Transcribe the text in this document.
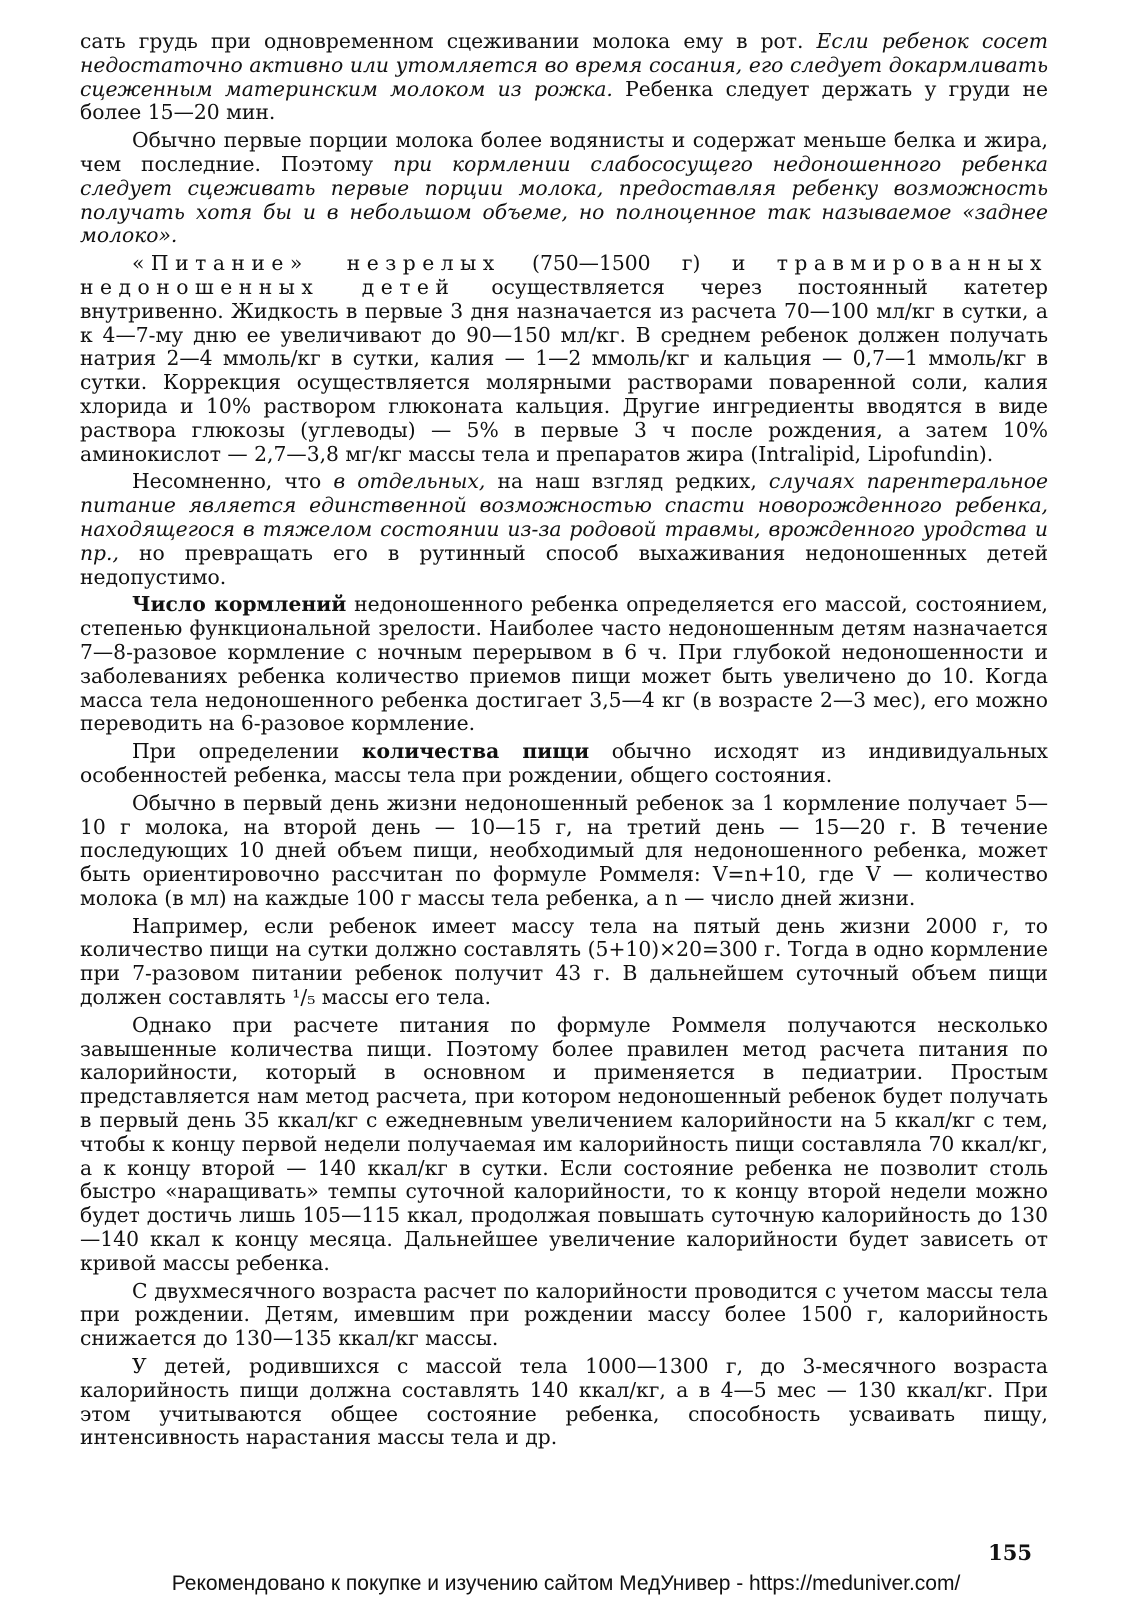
сать грудь при одновременном сцеживании молока ему в рот. Если ребенок сосет недостаточно активно или утомляется во время сосания, его следует докармливать сцеженным материнским молоком из рожка. Ребенка следует держать у груди не более 15—20 мин.

Обычно первые порции молока более водянисты и содержат меньше белка и жира, чем последние. Поэтому при кормлении слабососущего недоношенного ребенка следует сцеживать первые порции молока, предоставляя ребенку возможность получать хотя бы и в небольшом объеме, но полноценное так называемое «заднее молоко».

«Питание» незрелых (750—1500 г) и травмированных недоношенных детей осуществляется через постоянный катетер внутривенно. Жидкость в первые 3 дня назначается из расчета 70—100 мл/кг в сутки, а к 4—7-му дню ее увеличивают до 90—150 мл/кг. В среднем ребенок должен получать натрия 2—4 ммоль/кг в сутки, калия — 1—2 ммоль/кг и кальция — 0,7—1 ммоль/кг в сутки. Коррекция осуществляется молярными растворами поваренной соли, калия хлорида и 10% раствором глюконата кальция. Другие ингредиенты вводятся в виде раствора глюкозы (углеводы) — 5% в первые 3 ч после рождения, а затем 10% аминокислот — 2,7—3,8 мг/кг массы тела и препаратов жира (Intralipid, Lipofundin).

Несомненно, что в отдельных, на наш взгляд редких, случаях парентеральное питание является единственной возможностью спасти новорожденного ребенка, находящегося в тяжелом состоянии из-за родовой травмы, врожденного уродства и пр., но превращать его в рутинный способ выхаживания недоношенных детей недопустимо.

Число кормлений недоношенного ребенка определяется его массой, состоянием, степенью функциональной зрелости. Наиболее часто недоношенным детям назначается 7—8-разовое кормление с ночным перерывом в 6 ч. При глубокой недоношенности и заболеваниях ребенка количество приемов пищи может быть увеличено до 10. Когда масса тела недоношенного ребенка достигает 3,5—4 кг (в возрасте 2—3 мес), его можно переводить на 6-разовое кормление.

При определении количества пищи обычно исходят из индивидуальных особенностей ребенка, массы тела при рождении, общего состояния.

Обычно в первый день жизни недоношенный ребенок за 1 кормление получает 5—10 г молока, на второй день — 10—15 г, на третий день — 15—20 г. В течение последующих 10 дней объем пищи, необходимый для недоношенного ребенка, может быть ориентировочно рассчитан по формуле Роммеля: V=n+10, где V — количество молока (в мл) на каждые 100 г массы тела ребенка, а n — число дней жизни.

Например, если ребенок имеет массу тела на пятый день жизни 2000 г, то количество пищи на сутки должно составлять (5+10)×20=300 г. Тогда в одно кормление при 7-разовом питании ребенок получит 43 г. В дальнейшем суточный объем пищи должен составлять ¹/₅ массы его тела.

Однако при расчете питания по формуле Роммеля получаются несколько завышенные количества пищи. Поэтому более правилен метод расчета питания по калорийности, который в основном и применяется в педиатрии. Простым представляется нам метод расчета, при котором недоношенный ребенок будет получать в первый день 35 ккал/кг с ежедневным увеличением калорийности на 5 ккал/кг с тем, чтобы к концу первой недели получаемая им калорийность пищи составляла 70 ккал/кг, а к концу второй — 140 ккал/кг в сутки. Если состояние ребенка не позволит столь быстро «наращивать» темпы суточной калорийности, то к концу второй недели можно будет достичь лишь 105—115 ккал, продолжая повышать суточную калорийность до 130—140 ккал к концу месяца. Дальнейшее увеличение калорийности будет зависеть от кривой массы ребенка.

С двухмесячного возраста расчет по калорийности проводится с учетом массы тела при рождении. Детям, имевшим при рождении массу более 1500 г, калорийность снижается до 130—135 ккал/кг массы.

У детей, родившихся с массой тела 1000—1300 г, до 3-месячного возраста калорийность пищи должна составлять 140 ккал/кг, а в 4—5 мес — 130 ккал/кг. При этом учитываются общее состояние ребенка, способность усваивать пищу, интенсивность нарастания массы тела и др.

155
Рекомендовано к покупке и изучению сайтом МедУнивер - https://meduniver.com/
